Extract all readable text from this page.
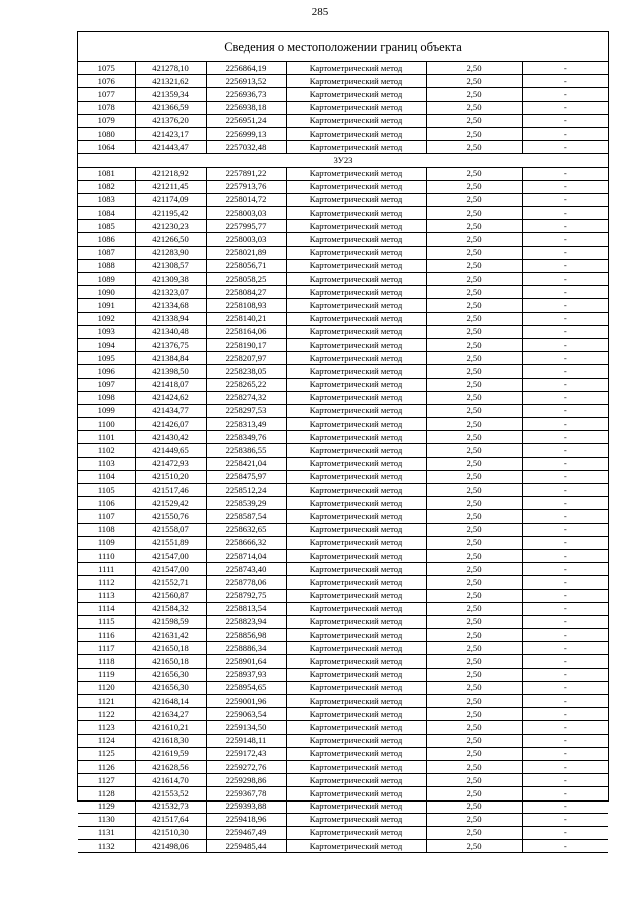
285
Сведения о местоположении границ объекта
1075	421278,10	2256864,19	Картометрический метод	2,50	-
1076	421321,62	2256913,52	Картометрический метод	2,50	-
1077	421359,34	2256936,73	Картометрический метод	2,50	-
1078	421366,59	2256938,18	Картометрический метод	2,50	-
1079	421376,20	2256951,24	Картометрический метод	2,50	-
1080	421423,17	2256999,13	Картометрический метод	2,50	-
1064	421443,47	2257032,48	Картометрический метод	2,50	-
3У23					
1081	421218,92	2257891,22	Картометрический метод	2,50	-
1082	421211,45	2257913,76	Картометрический метод	2,50	-
1083	421174,09	2258014,72	Картометрический метод	2,50	-
1084	421195,42	2258003,03	Картометрический метод	2,50	-
1085	421230,23	2257995,77	Картометрический метод	2,50	-
1086	421266,50	2258003,03	Картометрический метод	2,50	-
1087	421283,90	2258021,89	Картометрический метод	2,50	-
1088	421308,57	2258056,71	Картометрический метод	2,50	-
1089	421309,38	2258058,25	Картометрический метод	2,50	-
1090	421323,07	2258084,27	Картометрический метод	2,50	-
1091	421334,68	2258108,93	Картометрический метод	2,50	-
1092	421338,94	2258140,21	Картометрический метод	2,50	-
1093	421340,48	2258164,06	Картометрический метод	2,50	-
1094	421376,75	2258190,17	Картометрический метод	2,50	-
1095	421384,84	2258207,97	Картометрический метод	2,50	-
1096	421398,50	2258238,05	Картометрический метод	2,50	-
1097	421418,07	2258265,22	Картометрический метод	2,50	-
1098	421424,62	2258274,32	Картометрический метод	2,50	-
1099	421434,77	2258297,53	Картометрический метод	2,50	-
1100	421426,07	2258313,49	Картометрический метод	2,50	-
1101	421430,42	2258349,76	Картометрический метод	2,50	-
1102	421449,65	2258386,55	Картометрический метод	2,50	-
1103	421472,93	2258421,04	Картометрический метод	2,50	-
1104	421510,20	2258475,97	Картометрический метод	2,50	-
1105	421517,46	2258512,24	Картометрический метод	2,50	-
1106	421529,42	2258539,29	Картометрический метод	2,50	-
1107	421550,76	2258587,54	Картометрический метод	2,50	-
1108	421558,07	2258632,65	Картометрический метод	2,50	-
1109	421551,89	2258666,32	Картометрический метод	2,50	-
1110	421547,00	2258714,04	Картометрический метод	2,50	-
1111	421547,00	2258743,40	Картометрический метод	2,50	-
1112	421552,71	2258778,06	Картометрический метод	2,50	-
1113	421560,87	2258792,75	Картометрический метод	2,50	-
1114	421584,32	2258813,54	Картометрический метод	2,50	-
1115	421598,59	2258823,94	Картометрический метод	2,50	-
1116	421631,42	2258856,98	Картометрический метод	2,50	-
1117	421650,18	2258886,34	Картометрический метод	2,50	-
1118	421650,18	2258901,64	Картометрический метод	2,50	-
1119	421656,30	2258937,93	Картометрический метод	2,50	-
1120	421656,30	2258954,65	Картометрический метод	2,50	-
1121	421648,14	2259001,96	Картометрический метод	2,50	-
1122	421634,27	2259063,54	Картометрический метод	2,50	-
1123	421610,21	2259134,50	Картометрический метод	2,50	-
1124	421618,30	2259148,11	Картометрический метод	2,50	-
1125	421619,59	2259172,43	Картометрический метод	2,50	-
1126	421628,56	2259272,76	Картометрический метод	2,50	-
1127	421614,70	2259298,86	Картометрический метод	2,50	-
1128	421553,52	2259367,78	Картометрический метод	2,50	-
1129	421532,73	2259393,88	Картометрический метод	2,50	-
1130	421517,64	2259418,96	Картометрический метод	2,50	-
1131	421510,30	2259467,49	Картометрический метод	2,50	-
1132	421498,06	2259485,44	Картометрический метод	2,50	-
